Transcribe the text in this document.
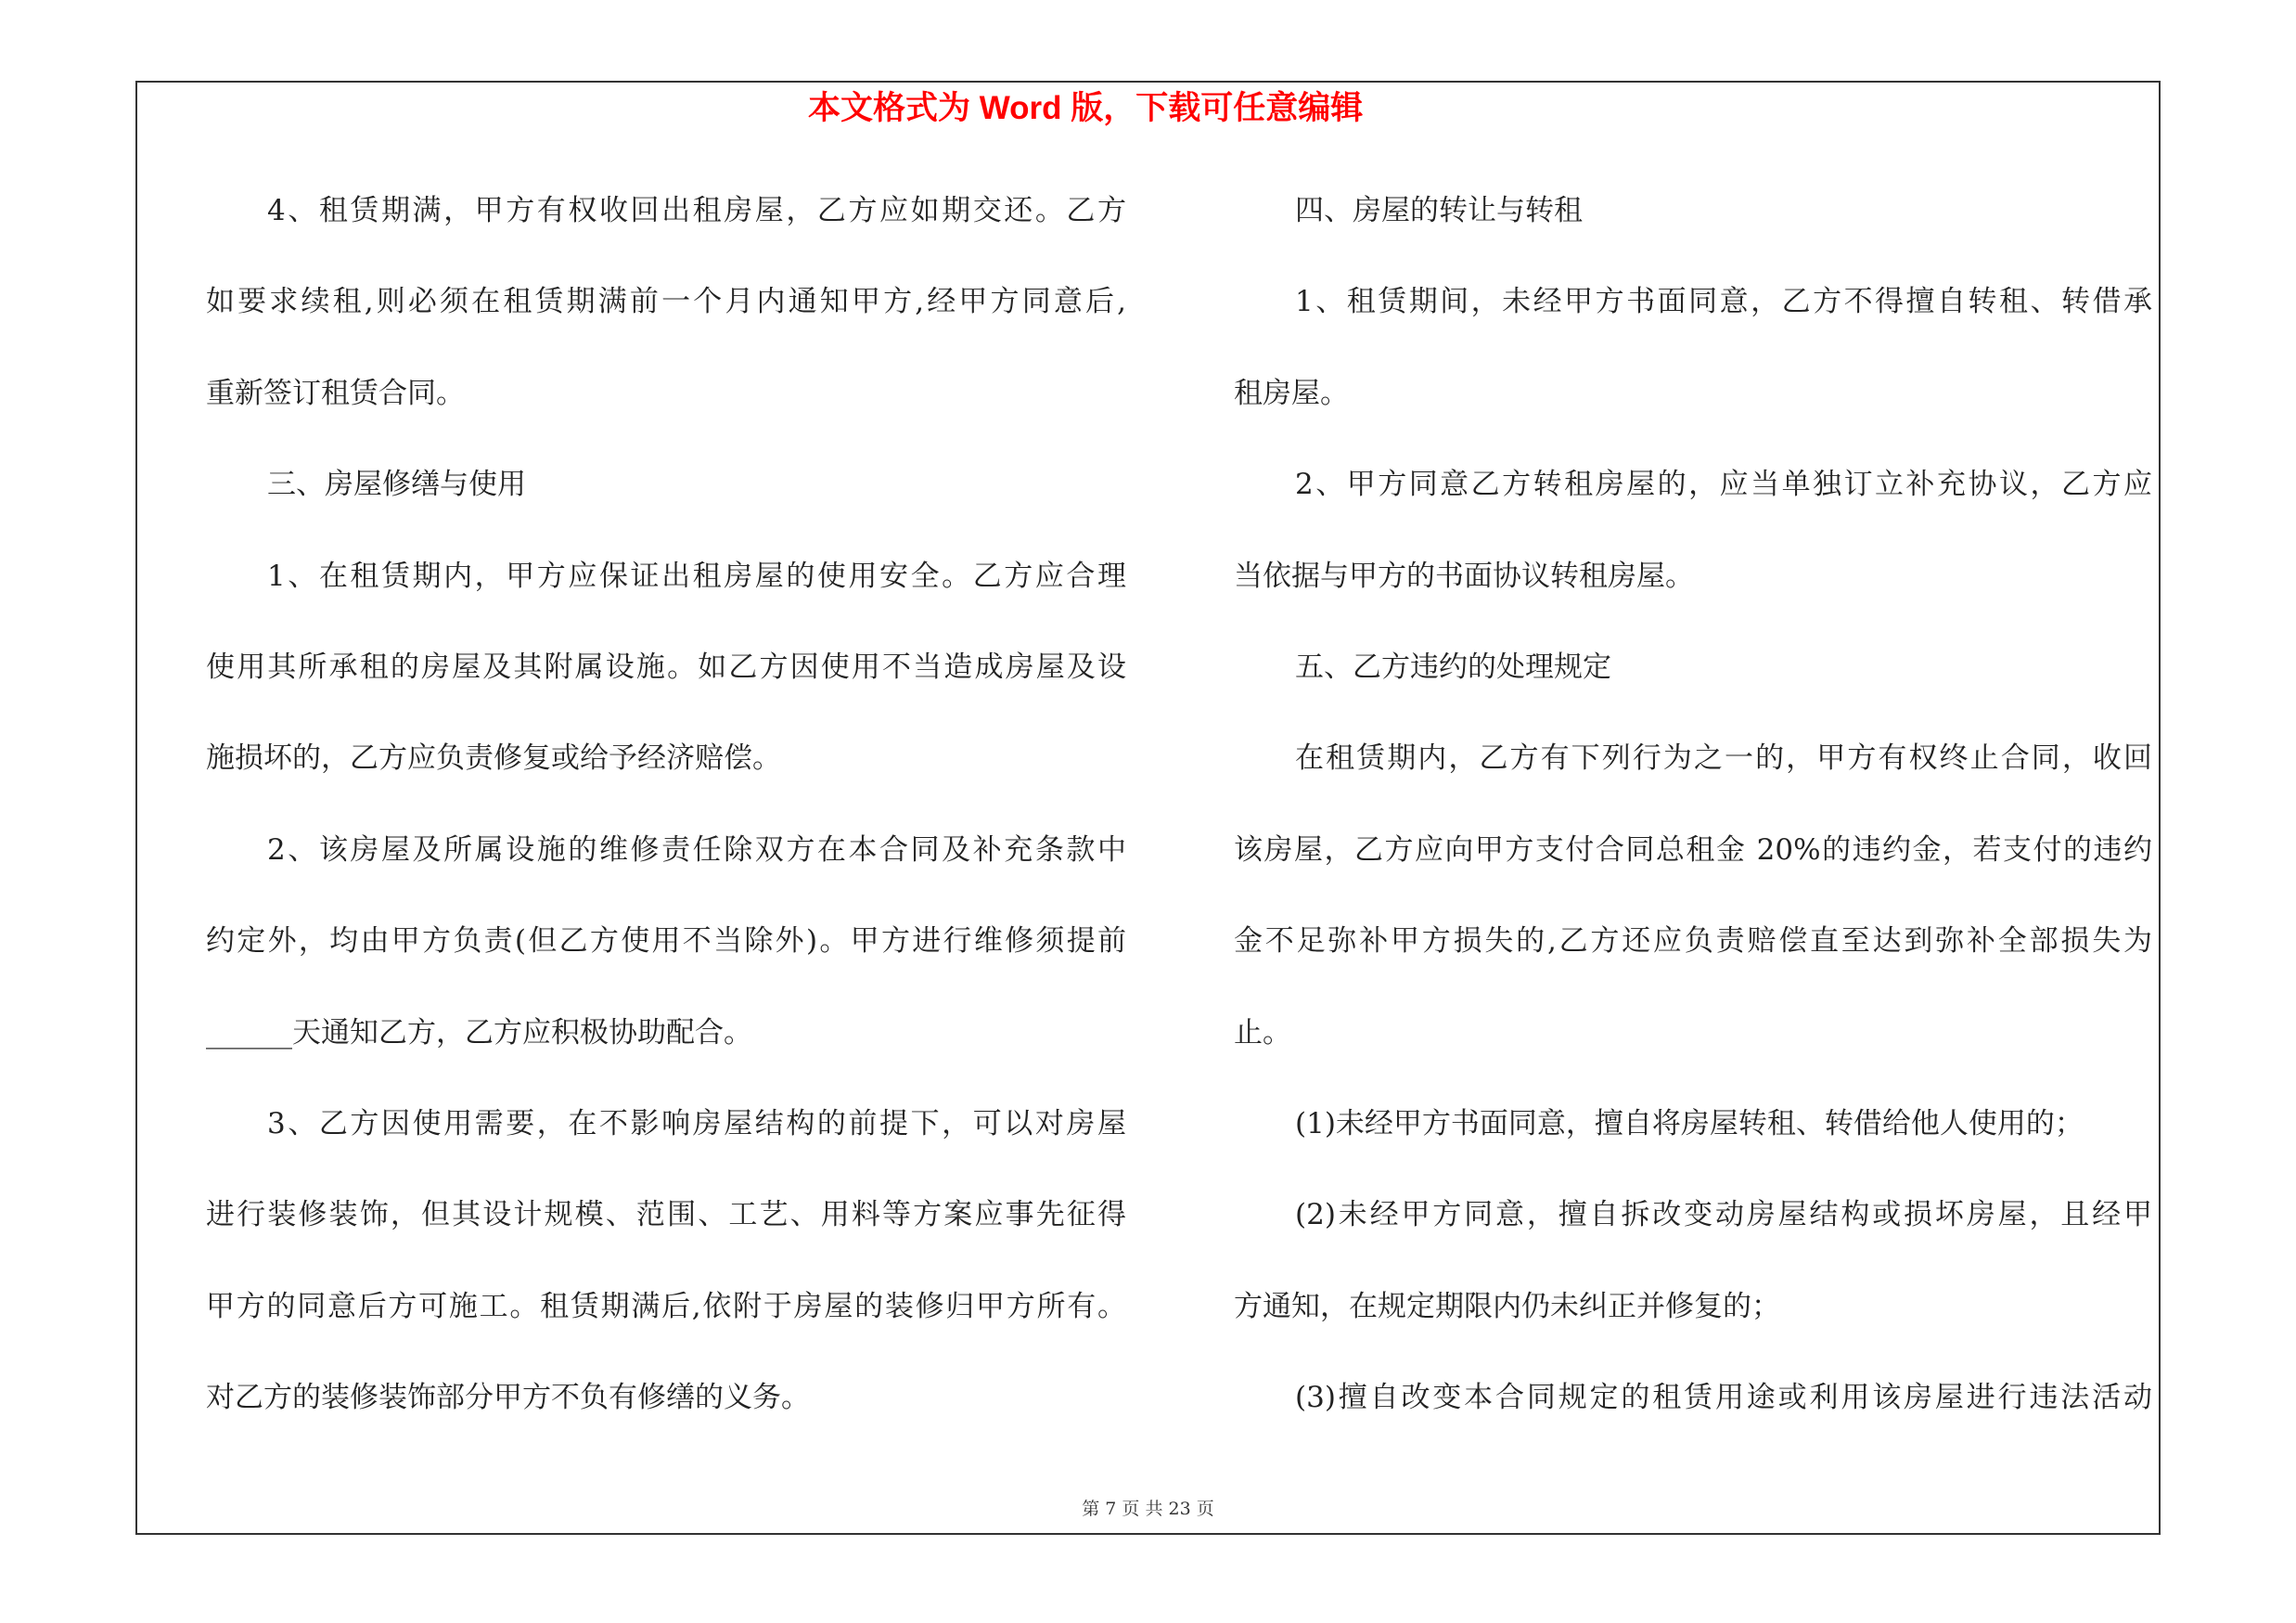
本文格式为 Word 版，下载可任意编辑
4、租赁期满，甲方有权收回出租房屋，乙方应如期交还。乙方
如要求续租,则必须在租赁期满前一个月内通知甲方,经甲方同意后,
重新签订租赁合同。
三、房屋修缮与使用
1、在租赁期内，甲方应保证出租房屋的使用安全。乙方应合理
使用其所承租的房屋及其附属设施。如乙方因使用不当造成房屋及设
施损坏的，乙方应负责修复或给予经济赔偿。
2、该房屋及所属设施的维修责任除双方在本合同及补充条款中
约定外，均由甲方负责(但乙方使用不当除外)。甲方进行维修须提前
______天通知乙方，乙方应积极协助配合。
3、乙方因使用需要，在不影响房屋结构的前提下，可以对房屋
进行装修装饰，但其设计规模、范围、工艺、用料等方案应事先征得
甲方的同意后方可施工。租赁期满后,依附于房屋的装修归甲方所有。
对乙方的装修装饰部分甲方不负有修缮的义务。
四、房屋的转让与转租
1、租赁期间，未经甲方书面同意，乙方不得擅自转租、转借承
租房屋。
2、甲方同意乙方转租房屋的，应当单独订立补充协议，乙方应
当依据与甲方的书面协议转租房屋。
五、乙方违约的处理规定
在租赁期内，乙方有下列行为之一的，甲方有权终止合同，收回
该房屋，乙方应向甲方支付合同总租金 20%的违约金，若支付的违约
金不足弥补甲方损失的,乙方还应负责赔偿直至达到弥补全部损失为
止。
(1)未经甲方书面同意，擅自将房屋转租、转借给他人使用的；
(2)未经甲方同意，擅自拆改变动房屋结构或损坏房屋，且经甲
方通知，在规定期限内仍未纠正并修复的；
(3)擅自改变本合同规定的租赁用途或利用该房屋进行违法活动
第 7 页 共 23 页
